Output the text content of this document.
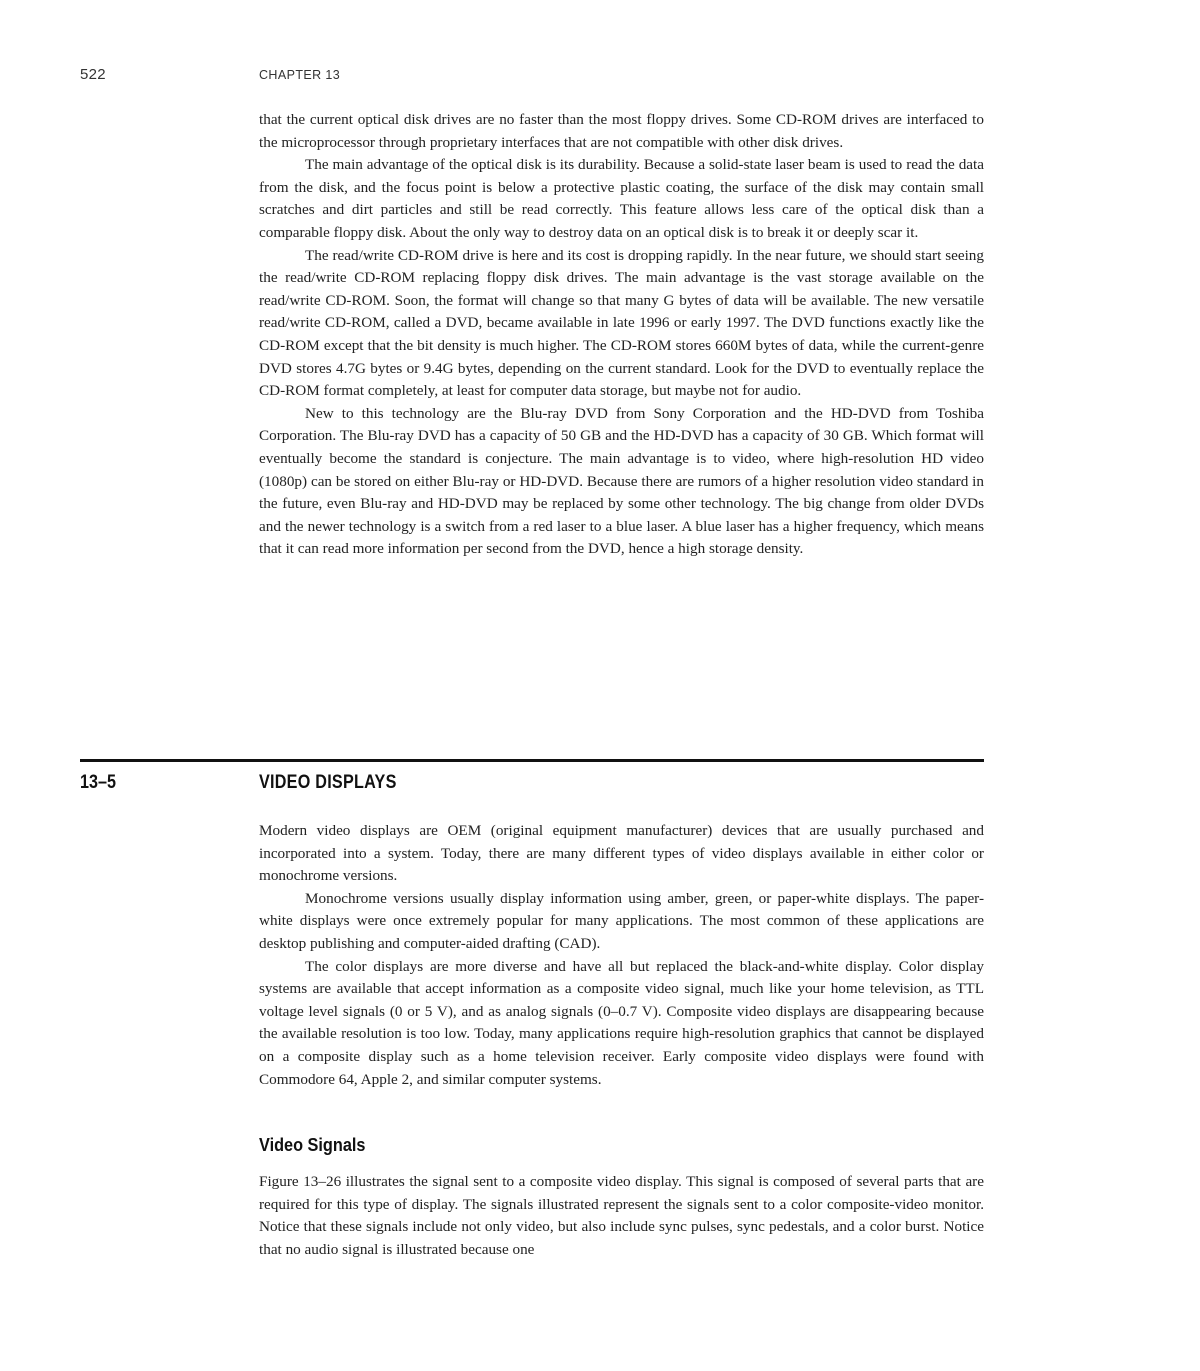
522	CHAPTER 13

that the current optical disk drives are no faster than the most floppy drives. Some CD-ROM drives are interfaced to the microprocessor through proprietary interfaces that are not compatible with other disk drives.

The main advantage of the optical disk is its durability. Because a solid-state laser beam is used to read the data from the disk, and the focus point is below a protective plastic coating, the surface of the disk may contain small scratches and dirt particles and still be read correctly. This feature allows less care of the optical disk than a comparable floppy disk. About the only way to destroy data on an optical disk is to break it or deeply scar it.

The read/write CD-ROM drive is here and its cost is dropping rapidly. In the near future, we should start seeing the read/write CD-ROM replacing floppy disk drives. The main advantage is the vast storage available on the read/write CD-ROM. Soon, the format will change so that many G bytes of data will be available. The new versatile read/write CD-ROM, called a DVD, became available in late 1996 or early 1997. The DVD functions exactly like the CD-ROM except that the bit density is much higher. The CD-ROM stores 660M bytes of data, while the current-genre DVD stores 4.7G bytes or 9.4G bytes, depending on the current standard. Look for the DVD to eventually replace the CD-ROM format completely, at least for computer data storage, but maybe not for audio.

New to this technology are the Blu-ray DVD from Sony Corporation and the HD-DVD from Toshiba Corporation. The Blu-ray DVD has a capacity of 50 GB and the HD-DVD has a capacity of 30 GB. Which format will eventually become the standard is conjecture. The main advantage is to video, where high-resolution HD video (1080p) can be stored on either Blu-ray or HD-DVD. Because there are rumors of a higher resolution video standard in the future, even Blu-ray and HD-DVD may be replaced by some other technology. The big change from older DVDs and the newer technology is a switch from a red laser to a blue laser. A blue laser has a higher frequency, which means that it can read more information per second from the DVD, hence a high storage density.

13–5	VIDEO DISPLAYS

Modern video displays are OEM (original equipment manufacturer) devices that are usually purchased and incorporated into a system. Today, there are many different types of video displays available in either color or monochrome versions.

Monochrome versions usually display information using amber, green, or paper-white displays. The paper-white displays were once extremely popular for many applications. The most common of these applications are desktop publishing and computer-aided drafting (CAD).

The color displays are more diverse and have all but replaced the black-and-white display. Color display systems are available that accept information as a composite video signal, much like your home television, as TTL voltage level signals (0 or 5 V), and as analog signals (0–0.7 V). Composite video displays are disappearing because the available resolution is too low. Today, many applications require high-resolution graphics that cannot be displayed on a composite display such as a home television receiver. Early composite video displays were found with Commodore 64, Apple 2, and similar computer systems.

Video Signals

Figure 13–26 illustrates the signal sent to a composite video display. This signal is composed of several parts that are required for this type of display. The signals illustrated represent the signals sent to a color composite-video monitor. Notice that these signals include not only video, but also include sync pulses, sync pedestals, and a color burst. Notice that no audio signal is illustrated because one
